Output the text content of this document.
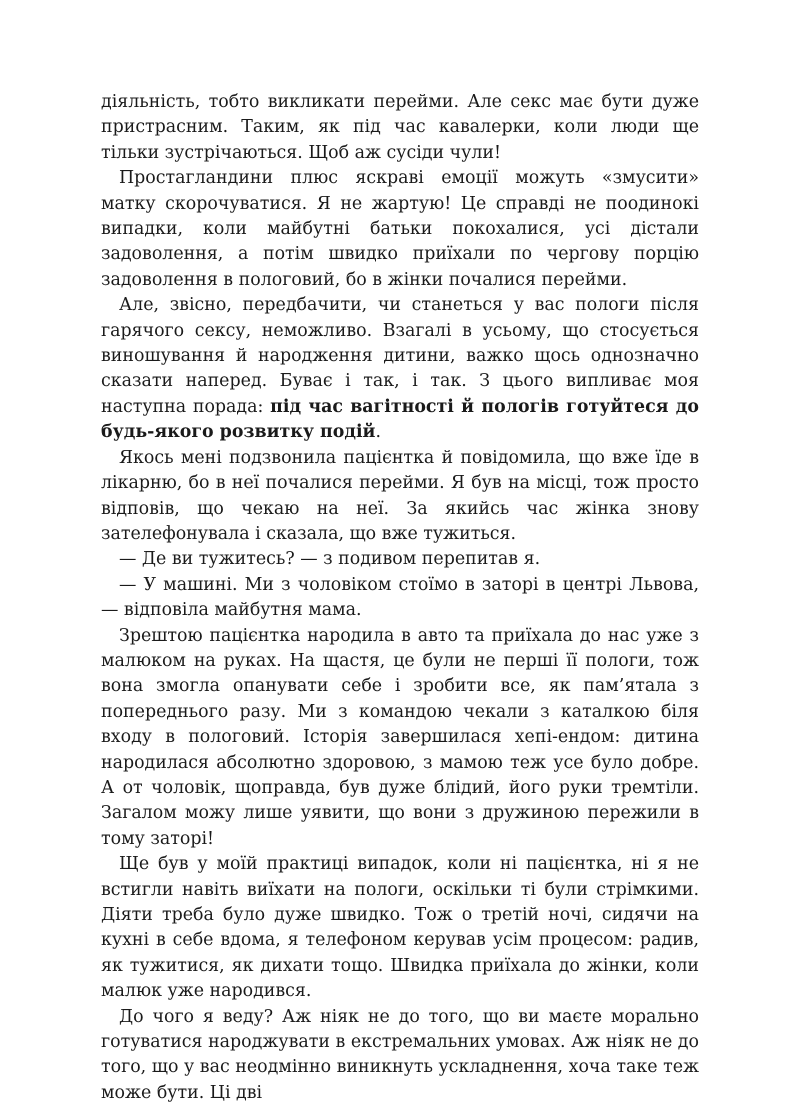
діяльність, тобто викликати перейми. Але секс має бути дуже пристрасним. Таким, як під час кавалерки, коли люди ще тільки зустрічаються. Щоб аж сусіди чули!

Простагландини плюс яскраві емоції можуть «змусити» матку скорочуватися. Я не жартую! Це справді не поодинокі випадки, коли майбутні батьки покохалися, усі дістали задоволення, а потім швидко приїхали по чергову порцію задоволення в пологовий, бо в жінки почалися перейми.

Але, звісно, передбачити, чи станеться у вас пологи після гарячого сексу, неможливо. Взагалі в усьому, що стосується виношування й народження дитини, важко щось однозначно сказати наперед. Буває і так, і так. З цього випливає моя наступна порада: під час вагітності й пологів готуйтеся до будь-якого розвитку подій.

Якось мені подзвонила пацієнтка й повідомила, що вже їде в лікарню, бо в неї почалися перейми. Я був на місці, тож просто відповів, що чекаю на неї. За якийсь час жінка знову зателефонувала і сказала, що вже тужиться.

— Де ви тужитесь? — з подивом перепитав я.

— У машині. Ми з чоловіком стоїмо в заторі в центрі Львова, — відповіла майбутня мама.

Зрештою пацієнтка народила в авто та приїхала до нас уже з малюком на руках. На щастя, це були не перші її пологи, тож вона змогла опанувати себе і зробити все, як пам’ятала з попереднього разу. Ми з командою чекали з каталкою біля входу в пологовий. Історія завершилася хепі-ендом: дитина народилася абсолютно здоровою, з мамою теж усе було добре. А от чоловік, щоправда, був дуже блідий, його руки тремтіли. Загалом можу лише уявити, що вони з дружиною пережили в тому заторі!

Ще був у моїй практиці випадок, коли ні пацієнтка, ні я не встигли навіть виїхати на пологи, оскільки ті були стрімкими. Діяти треба було дуже швидко. Тож о третій ночі, сидячи на кухні в себе вдома, я телефоном керував усім процесом: радив, як тужитися, як дихати тощо. Швидка приїхала до жінки, коли малюк уже народився.

До чого я веду? Аж ніяк не до того, що ви маєте морально готуватися народжувати в екстремальних умовах. Аж ніяк не до того, що у вас неодмінно виникнуть ускладнення, хоча таке теж може бути. Ці дві
